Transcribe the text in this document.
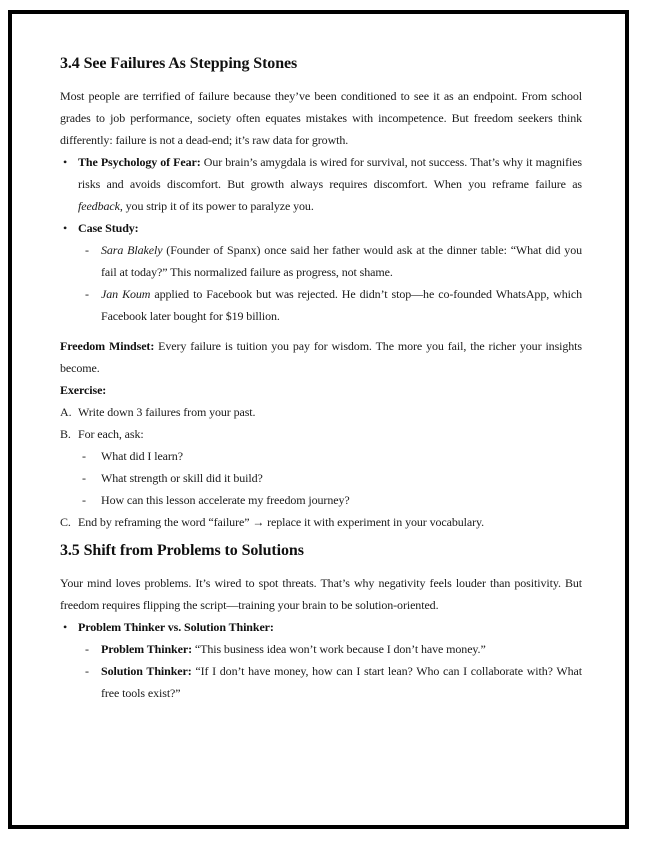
3.4 See Failures As Stepping Stones

Most people are terrified of failure because they’ve been conditioned to see it as an endpoint. From school grades to job performance, society often equates mistakes with incompetence. But freedom seekers think differently: failure is not a dead-end; it’s raw data for growth.

• The Psychology of Fear: Our brain’s amygdala is wired for survival, not success. That’s why it magnifies risks and avoids discomfort. But growth always requires discomfort. When you reframe failure as feedback, you strip it of its power to paralyze you.
• Case Study:
- Sara Blakely (Founder of Spanx) once said her father would ask at the dinner table: “What did you fail at today?” This normalized failure as progress, not shame.
- Jan Koum applied to Facebook but was rejected. He didn’t stop—he co-founded WhatsApp, which Facebook later bought for $19 billion.

Freedom Mindset: Every failure is tuition you pay for wisdom. The more you fail, the richer your insights become.

Exercise:

A. Write down 3 failures from your past.
B. For each, ask:
- What did I learn?
- What strength or skill did it build?
- How can this lesson accelerate my freedom journey?
C. End by reframing the word “failure” → replace it with experiment in your vocabulary.
3.5 Shift from Problems to Solutions

Your mind loves problems. It’s wired to spot threats. That’s why negativity feels louder than positivity. But freedom requires flipping the script—training your brain to be solution-oriented.

• Problem Thinker vs. Solution Thinker:
- Problem Thinker: “This business idea won’t work because I don’t have money.”
- Solution Thinker: “If I don’t have money, how can I start lean? Who can I collaborate with? What free tools exist?”
